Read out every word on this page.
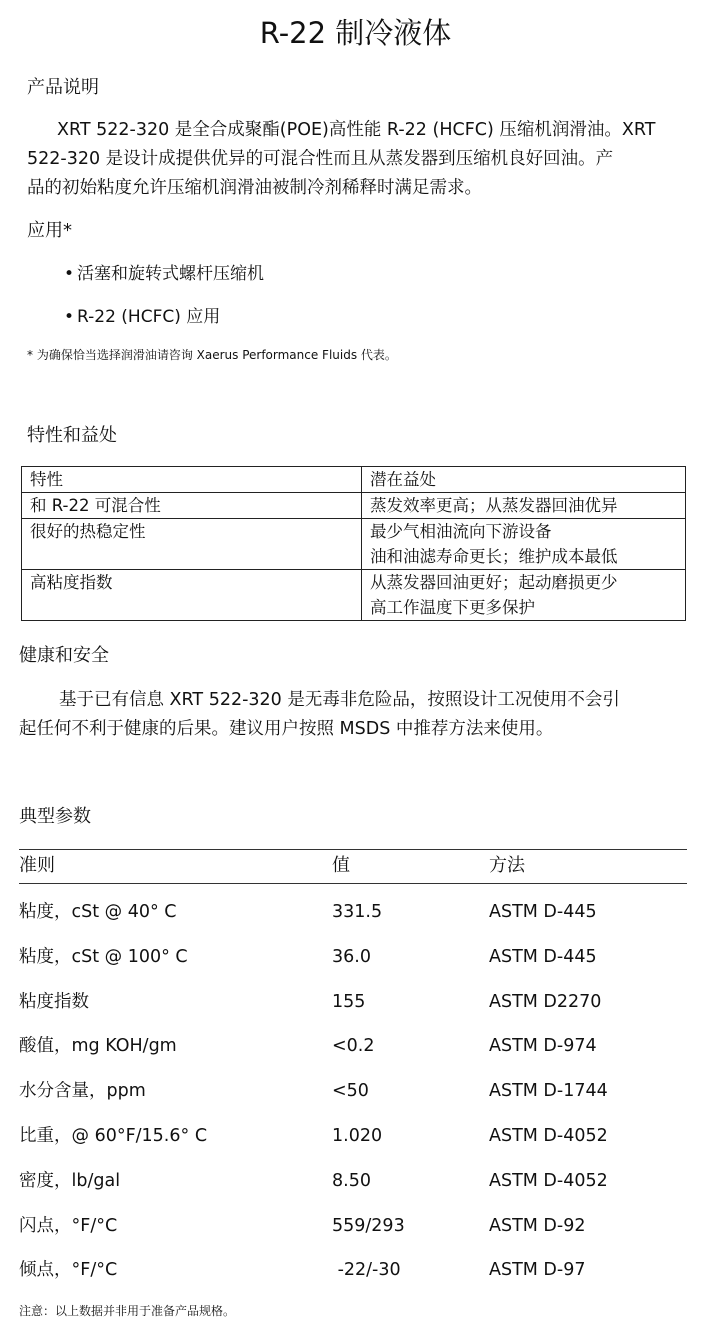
R-22 制冷液体
产品说明
XRT 522-320 是全合成聚酯(POE)高性能 R-22 (HCFC) 压缩机润滑油。XRT
522-320 是设计成提供优异的可混合性而且从蒸发器到压缩机良好回油。产
品的初始粘度允许压缩机润滑油被制冷剂稀释时满足需求。
应用*
• 活塞和旋转式螺杆压缩机
• R-22 (HCFC) 应用
* 为确保恰当选择润滑油请咨询 Xaerus Performance Fluids 代表。
特性和益处
特性	潜在益处
和 R-22 可混合性	蒸发效率更高；从蒸发器回油优异

很好的热稳定性	最少气相油流向下游设备
油和油滤寿命更长；维护成本最低

高粘度指数	从蒸发器回油更好；起动磨损更少
高工作温度下更多保护
健康和安全
基于已有信息 XRT 522-320 是无毒非危险品，按照设计工况使用不会引
起任何不利于健康的后果。建议用户按照 MSDS 中推荐方法来使用。
典型参数
准则	值	方法
粘度，cSt @ 40° C	331.5	ASTM D-445
粘度，cSt @ 100° C	36.0	ASTM D-445
粘度指数	155	ASTM D2270
酸值，mg KOH/gm	<0.2	ASTM D-974
水分含量，ppm	<50	ASTM D-1744
比重，@ 60°F/15.6° C	1.020	ASTM D-4052
密度，lb/gal	8.50	ASTM D-4052
闪点，°F/°C	559/293	ASTM D-92
倾点，°F/°C	-22/-30	ASTM D-97
注意：以上数据并非用于准备产品规格。
